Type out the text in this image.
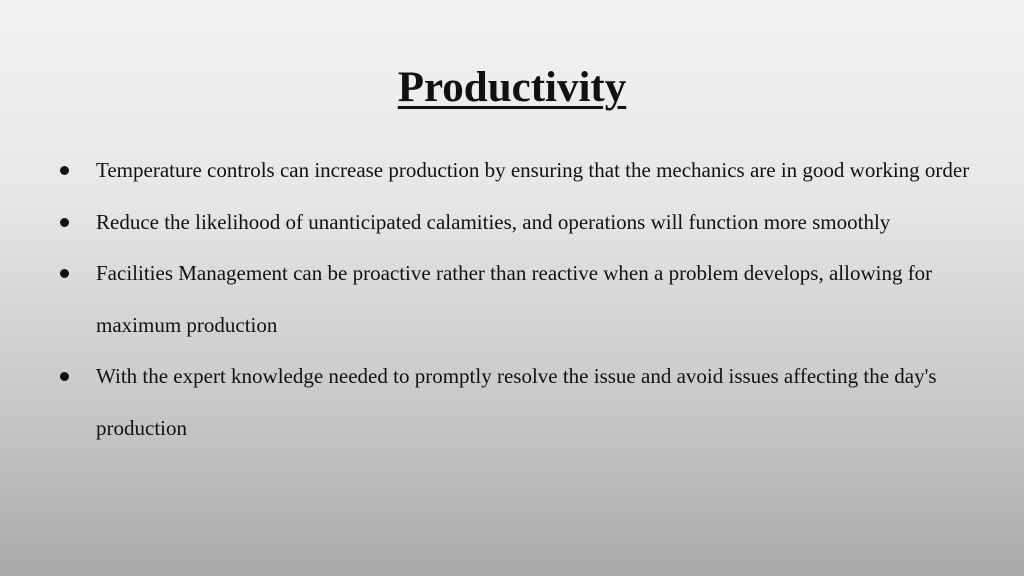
Productivity
Temperature controls can increase production by ensuring that the mechanics are in good working order
Reduce the likelihood of unanticipated calamities, and operations will function more smoothly
Facilities Management can be proactive rather than reactive when a problem develops, allowing for maximum production
With the expert knowledge needed to promptly resolve the issue and avoid issues affecting the day's production
